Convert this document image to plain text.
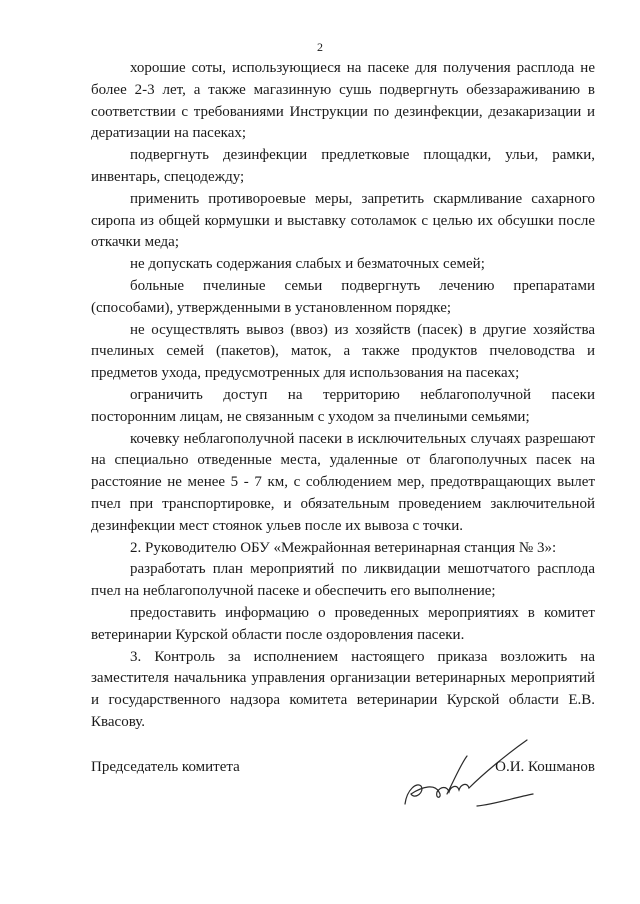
2

хорошие соты, использующиеся на пасеке для получения расплода не более 2-3 лет, а также магазинную сушь подвергнуть обеззараживанию в соответствии с требованиями Инструкции по дезинфекции, дезакаризации и дератизации на пасеках;

подвергнуть дезинфекции предлетковые площадки, ульи, рамки, инвентарь, спецодежду;

применить противороевые меры, запретить скармливание сахарного сиропа из общей кормушки и выставку сотоламок с целью их обсушки после откачки меда;

не допускать содержания слабых и безматочных семей;

больные пчелиные семьи подвергнуть лечению препаратами (способами), утвержденными в установленном порядке;

не осуществлять вывоз (ввоз) из хозяйств (пасек) в другие хозяйства пчелиных семей (пакетов), маток, а также продуктов пчеловодства и предметов ухода, предусмотренных для использования на пасеках;

ограничить доступ на территорию неблагополучной пасеки посторонним лицам, не связанным с уходом за пчелиными семьями;

кочевку неблагополучной пасеки в исключительных случаях разрешают на специально отведенные места, удаленные от благополучных пасек на расстояние не менее 5 - 7 км, с соблюдением мер, предотвращающих вылет пчел при транспортировке, и обязательным проведением заключительной дезинфекции мест стоянок ульев после их вывоза с точки.

2. Руководителю ОБУ «Межрайонная ветеринарная станция № 3»:

разработать план мероприятий по ликвидации мешотчатого расплода пчел на неблагополучной пасеке и обеспечить его выполнение;

предоставить информацию о проведенных мероприятиях в комитет ветеринарии Курской области после оздоровления пасеки.

3. Контроль за исполнением настоящего приказа возложить на заместителя начальника управления организации ветеринарных мероприятий и государственного надзора комитета ветеринарии Курской области Е.В. Квасову.

Председатель комитета	О.И. Кошманов
